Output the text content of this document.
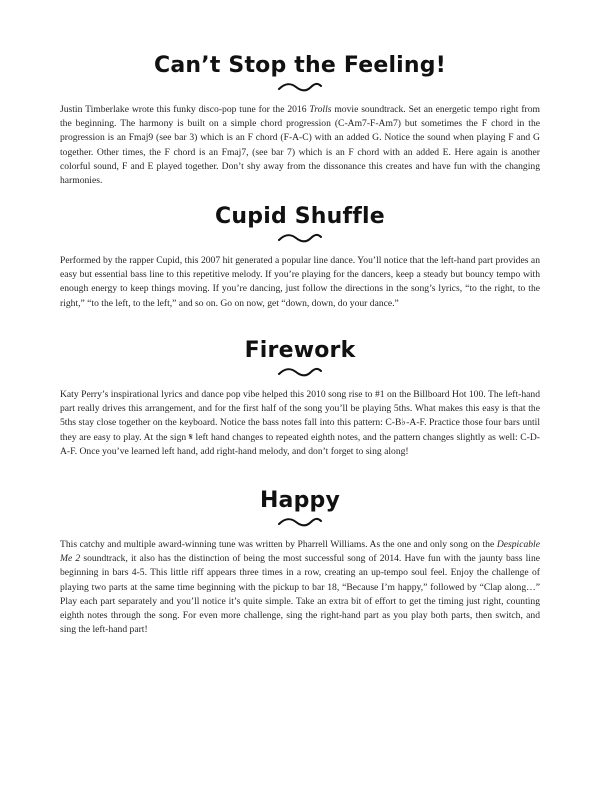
Can’t Stop the Feeling!

Justin Timberlake wrote this funky disco-pop tune for the 2016 Trolls movie soundtrack. Set an energetic tempo right from the beginning. The harmony is built on a simple chord progression (C-Am7-F-Am7) but sometimes the F chord in the progression is an Fmaj9 (see bar 3) which is an F chord (F-A-C) with an added G. Notice the sound when playing F and G together. Other times, the F chord is an Fmaj7, (see bar 7) which is an F chord with an added E. Here again is another colorful sound, F and E played together. Don’t shy away from the dissonance this creates and have fun with the changing harmonies.

Cupid Shuffle

Performed by the rapper Cupid, this 2007 hit generated a popular line dance. You’ll notice that the left-hand part provides an easy but essential bass line to this repetitive melody. If you’re playing for the dancers, keep a steady but bouncy tempo with enough energy to keep things moving. If you’re dancing, just follow the directions in the song’s lyrics, “to the right, to the right,” “to the left, to the left,” and so on. Go on now, get “down, down, do your dance.”

Firework

Katy Perry’s inspirational lyrics and dance pop vibe helped this 2010 song rise to #1 on the Billboard Hot 100. The left-hand part really drives this arrangement, and for the first half of the song you’ll be playing 5ths. What makes this easy is that the 5ths stay close together on the keyboard. Notice the bass notes fall into this pattern: C-B♭-A-F. Practice those four bars until they are easy to play. At the sign 𝄋 left hand changes to repeated eighth notes, and the pattern changes slightly as well: C-D-A-F. Once you’ve learned left hand, add right-hand melody, and don’t forget to sing along!

Happy

This catchy and multiple award-winning tune was written by Pharrell Williams. As the one and only song on the Despicable Me 2 soundtrack, it also has the distinction of being the most successful song of 2014. Have fun with the jaunty bass line beginning in bars 4-5. This little riff appears three times in a row, creating an up-tempo soul feel. Enjoy the challenge of playing two parts at the same time beginning with the pickup to bar 18, “Because I’m happy,” followed by “Clap along…” Play each part separately and you’ll notice it’s quite simple. Take an extra bit of effort to get the timing just right, counting eighth notes through the song. For even more challenge, sing the right-hand part as you play both parts, then switch, and sing the left-hand part!
